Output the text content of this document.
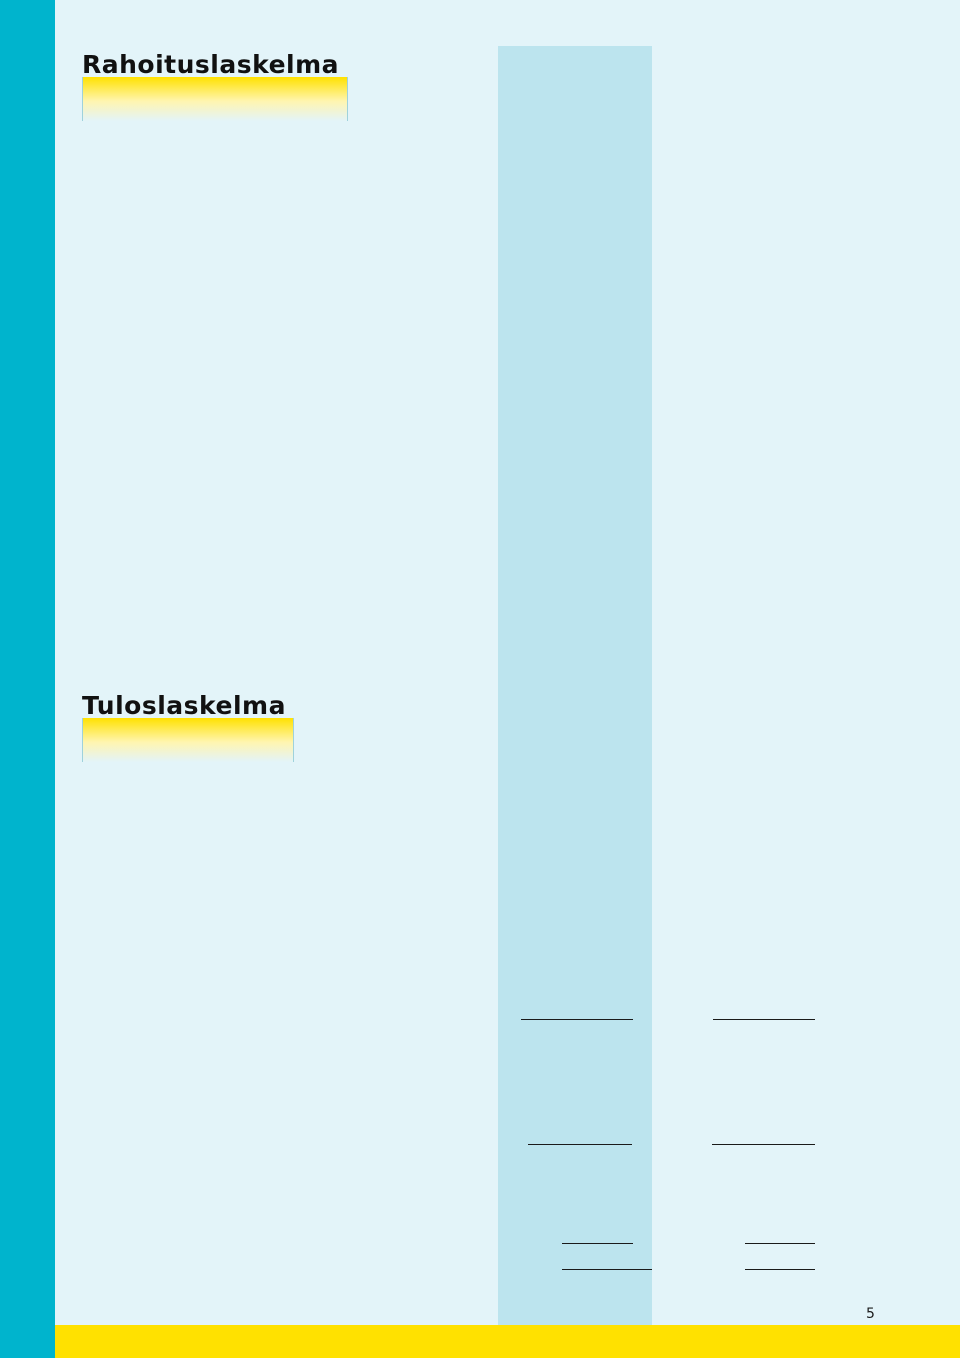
Rahoituslaskelma
Tuloslaskelma
5
